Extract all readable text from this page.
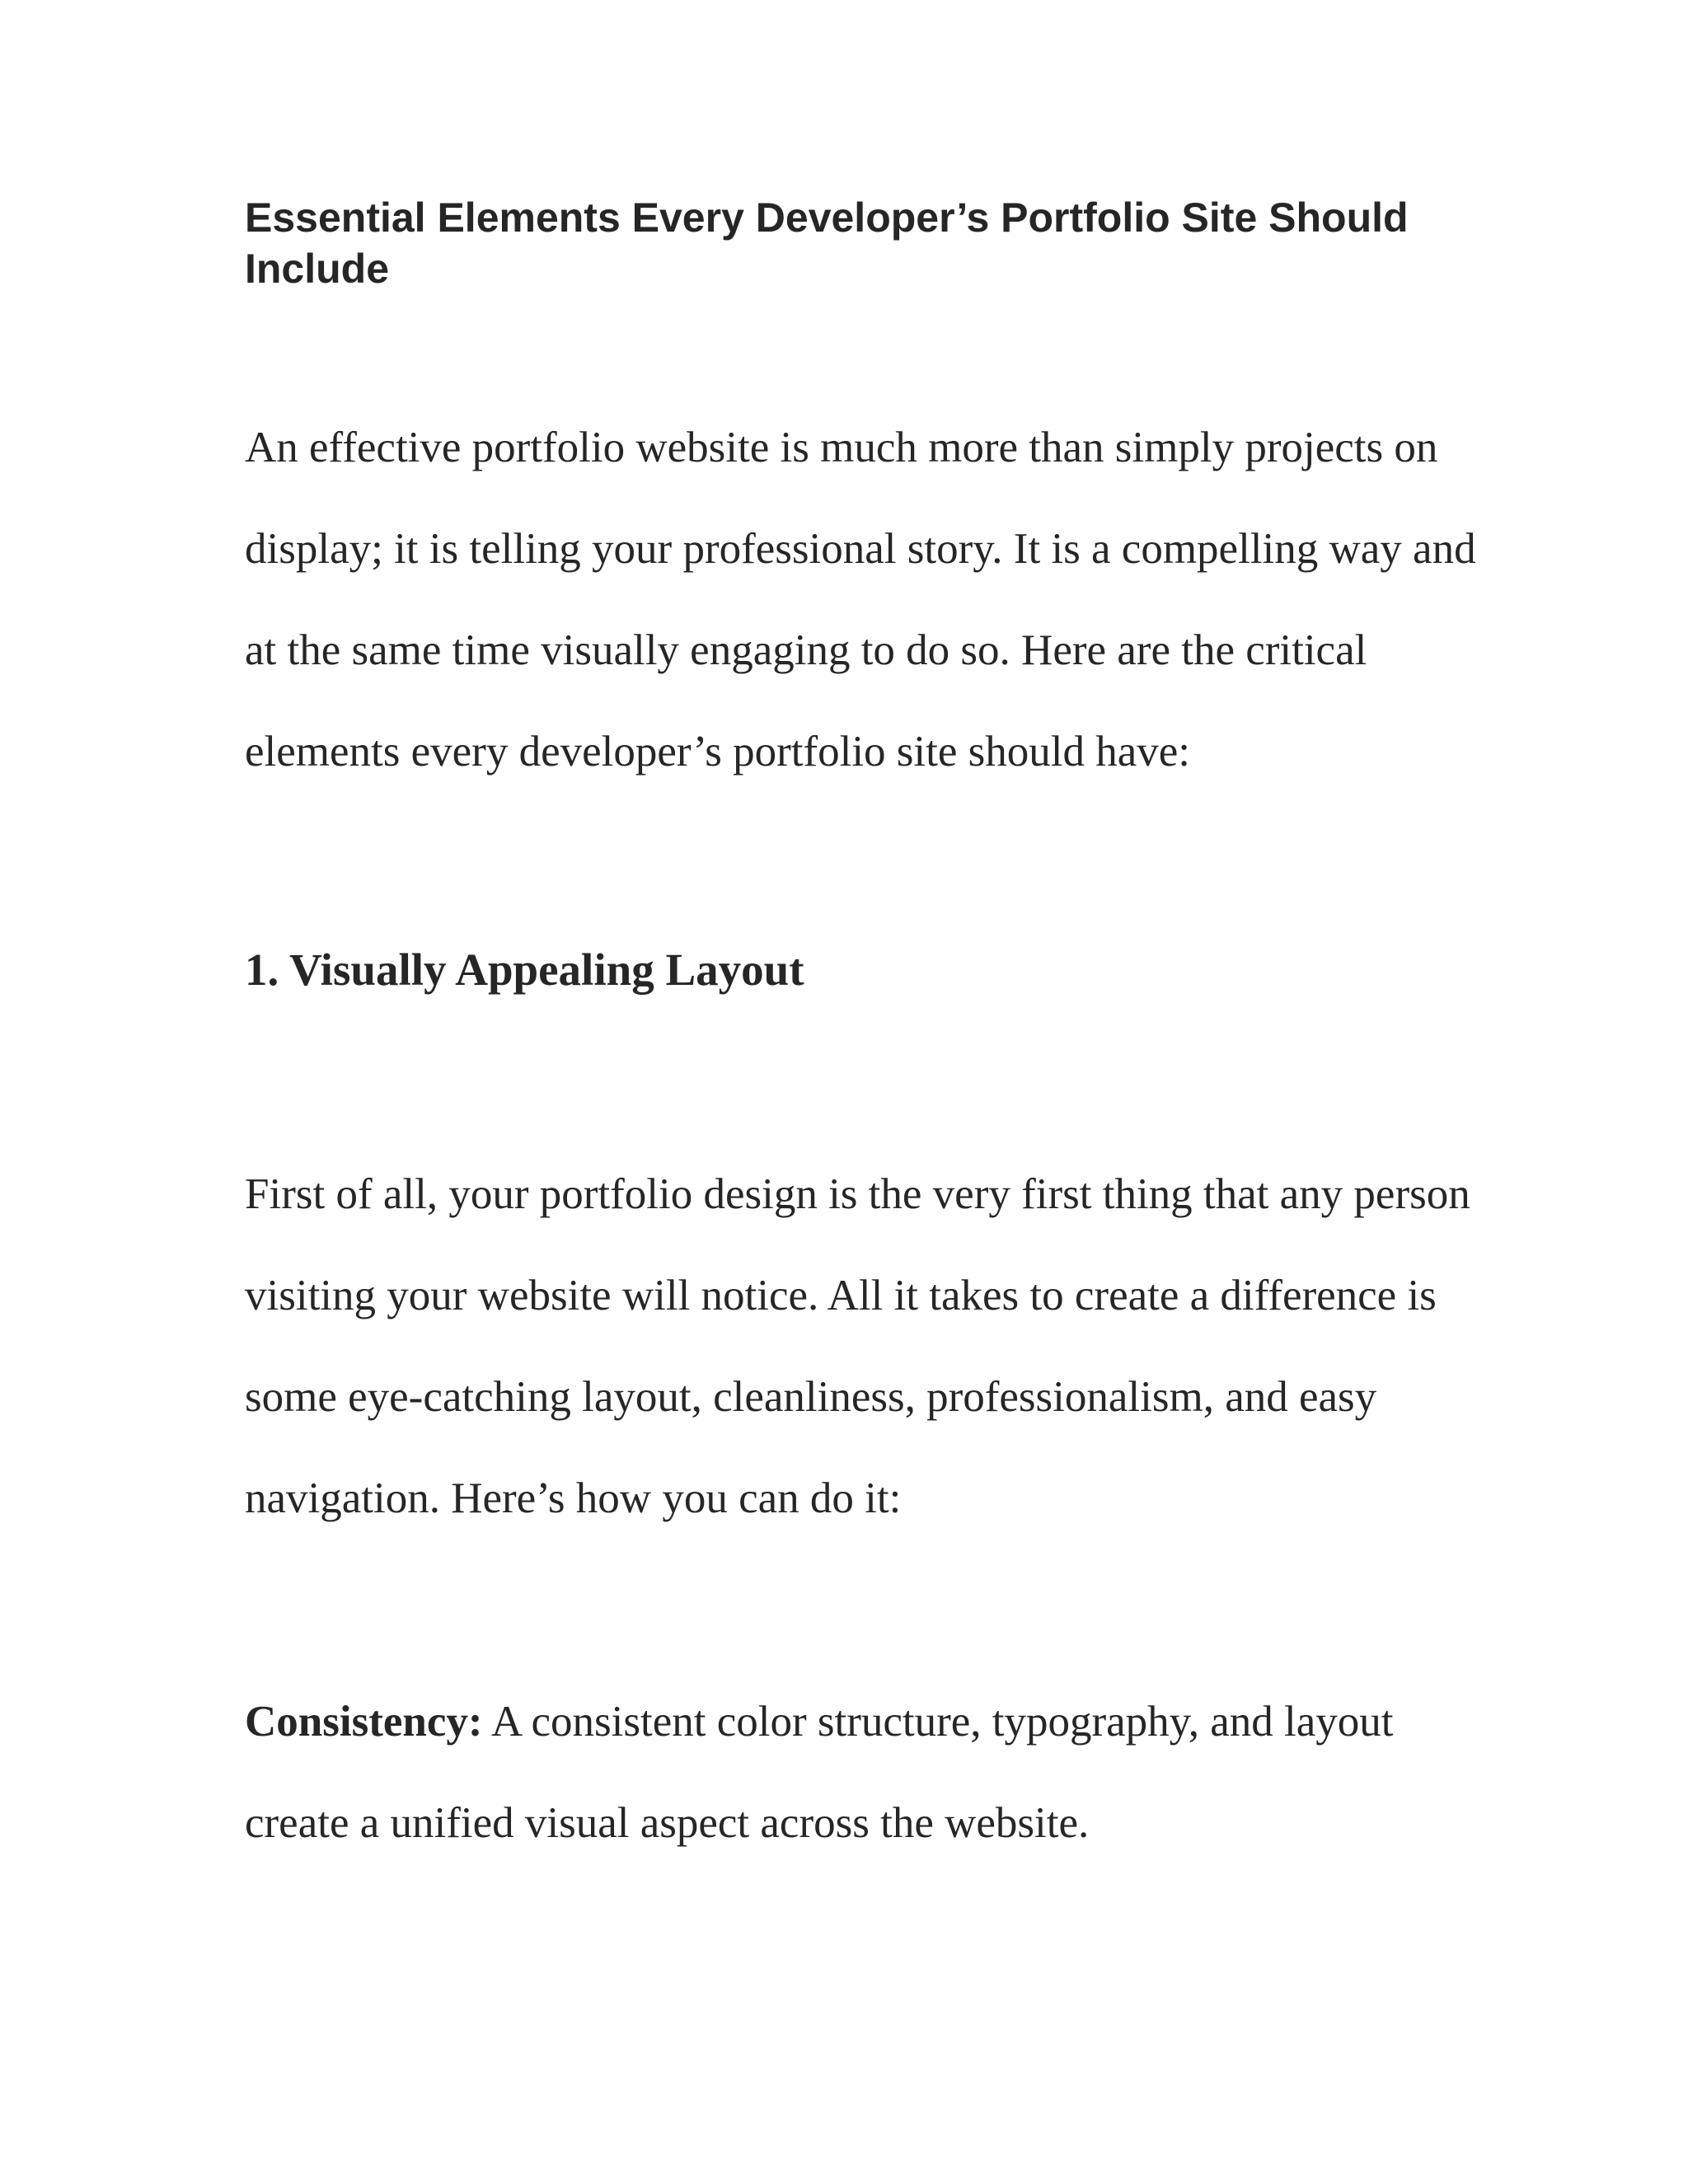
Essential Elements Every Developer’s Portfolio Site Should Include

An effective portfolio website is much more than simply projects on display; it is telling your professional story. It is a compelling way and at the same time visually engaging to do so. Here are the critical elements every developer’s portfolio site should have:

1. Visually Appealing Layout

First of all, your portfolio design is the very first thing that any person visiting your website will notice. All it takes to create a difference is some eye-catching layout, cleanliness, professionalism, and easy navigation. Here’s how you can do it:

Consistency: A consistent color structure, typography, and layout create a unified visual aspect across the website.
